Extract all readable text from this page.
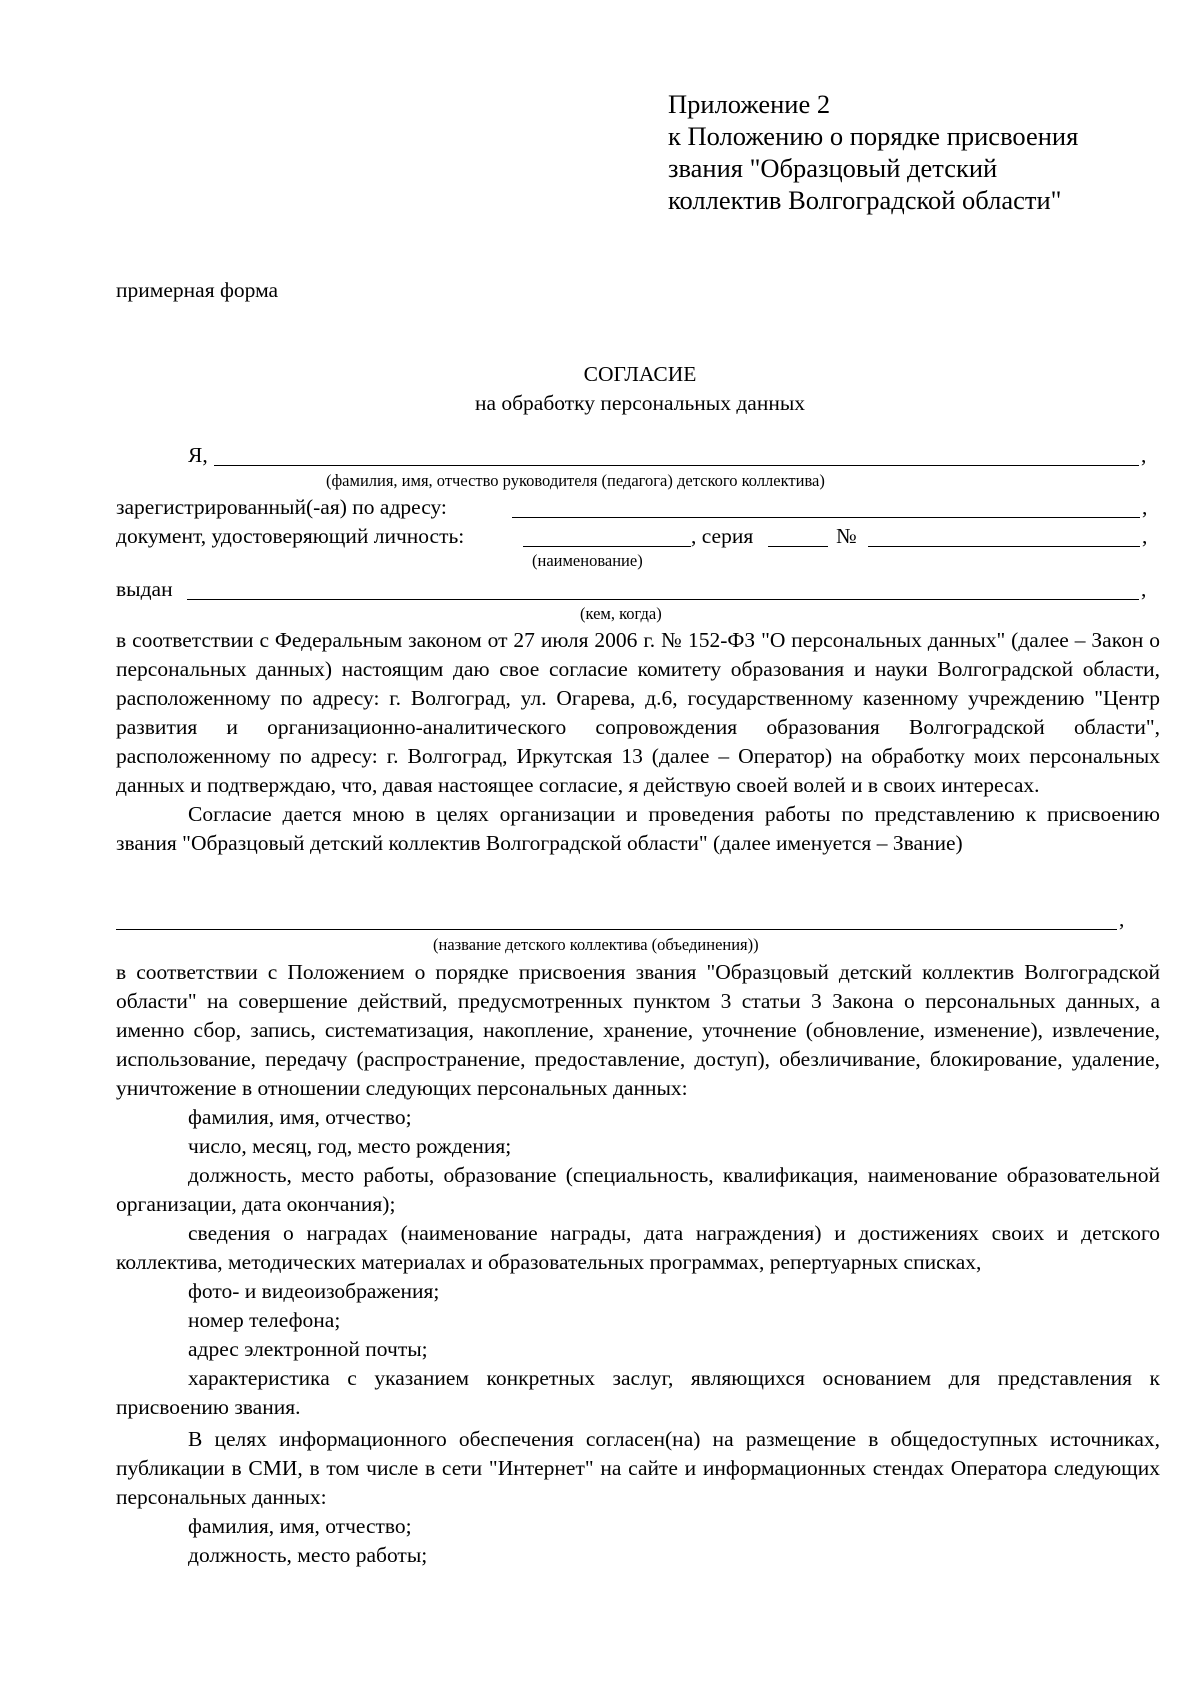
Приложение 2
к Положению о порядке присвоения
звания "Образцовый детский
коллектив Волгоградской области"
примерная форма
СОГЛАСИЕ
на обработку персональных данных
Я,	,
(фамилия, имя, отчество руководителя (педагога) детского коллектива)
зарегистрированный(-ая) по адресу:	,
документ, удостоверяющий личность:	, серия	№	,
(наименование)
выдан	,
(кем, когда)

в соответствии с Федеральным законом от 27 июля 2006 г. № 152-ФЗ "О персональных данных" (далее – Закон о персональных данных) настоящим даю свое согласие комитету образования и науки Волгоградской области, расположенному по адресу: г. Волгоград, ул. Огарева, д.6, государственному казенному учреждению "Центр развития и организационно-аналитического сопровождения образования Волгоградской области", расположенному по адресу: г. Волгоград, Иркутская 13 (далее – Оператор) на обработку моих персональных данных и подтверждаю, что, давая настоящее согласие, я действую своей волей и в своих интересах.

Согласие дается мною в целях организации и проведения работы по представлению к присвоению звания "Образцовый детский коллектив Волгоградской области" (далее именуется – Звание)

,
(название детского коллектива (объединения))

в соответствии с Положением о порядке присвоения звания "Образцовый детский коллектив Волгоградской области" на совершение действий, предусмотренных пунктом 3 статьи 3 Закона о персональных данных, а именно сбор, запись, систематизация, накопление, хранение, уточнение (обновление, изменение), извлечение, использование, передачу (распространение, предоставление, доступ), обезличивание, блокирование, удаление, уничтожение в отношении следующих персональных данных:

фамилия, имя, отчество;

число, месяц, год, место рождения;

должность, место работы, образование (специальность, квалификация, наименование образовательной организации, дата окончания);

сведения о наградах (наименование награды, дата награждения) и достижениях своих и детского коллектива, методических материалах и образовательных программах, репертуарных списках,

фото- и видеоизображения;

номер телефона;

адрес электронной почты;

характеристика с указанием конкретных заслуг, являющихся основанием для представления к присвоению звания.

В целях информационного обеспечения согласен(на) на размещение в общедоступных источниках, публикации в СМИ, в том числе в сети "Интернет" на сайте и информационных стендах Оператора следующих персональных данных:

фамилия, имя, отчество;

должность, место работы;
